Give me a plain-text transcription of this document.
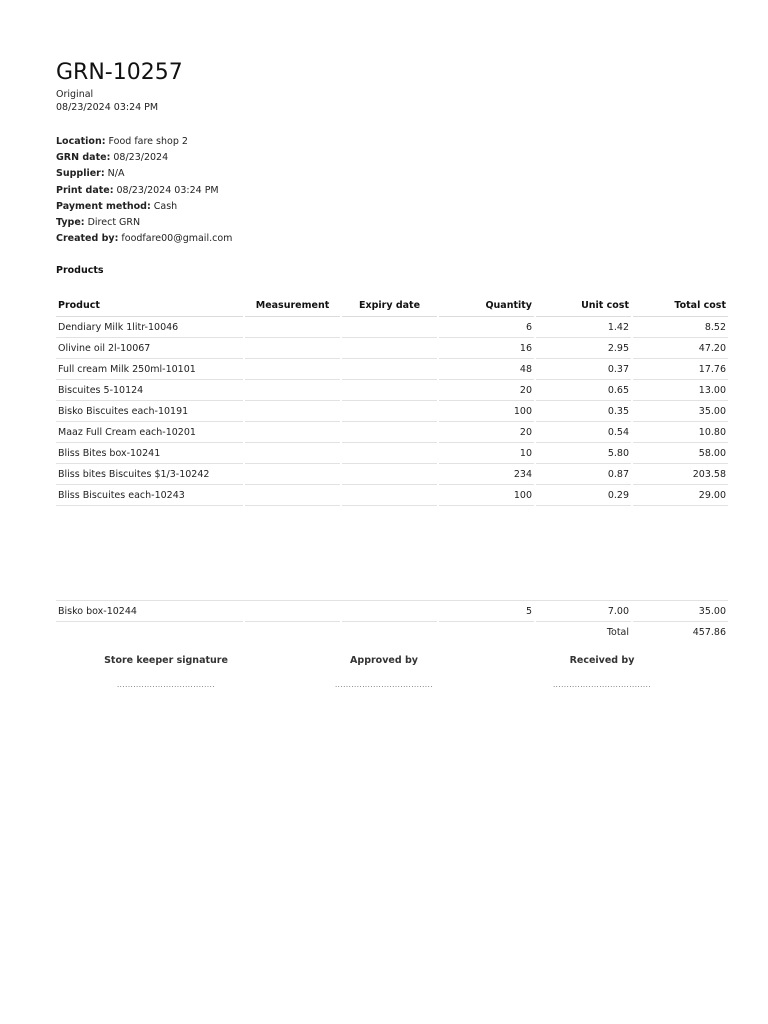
GRN-10257
Original
08/23/2024 03:24 PM
Location: Food fare shop 2
GRN date: 08/23/2024
Supplier: N/A
Print date: 08/23/2024 03:24 PM
Payment method: Cash
Type: Direct GRN
Created by: foodfare00@gmail.com
Products
Product	Measurement	Expiry date	Quantity	Unit cost	Total cost
Dendiary Milk 1litr-10046			6	1.42	8.52
Olivine oil 2l-10067			16	2.95	47.20
Full cream Milk 250ml-10101			48	0.37	17.76
Biscuites 5-10124			20	0.65	13.00
Bisko Biscuites each-10191			100	0.35	35.00
Maaz Full Cream each-10201			20	0.54	10.80
Bliss Bites box-10241			10	5.80	58.00
Bliss bites Biscuites $1/3-10242			234	0.87	203.58
Bliss Biscuites each-10243			100	0.29	29.00

Bisko box-10244			5	7.00	35.00
				Total	457.86
Store keeper signature
....................................
Approved by
....................................
Received by
....................................
